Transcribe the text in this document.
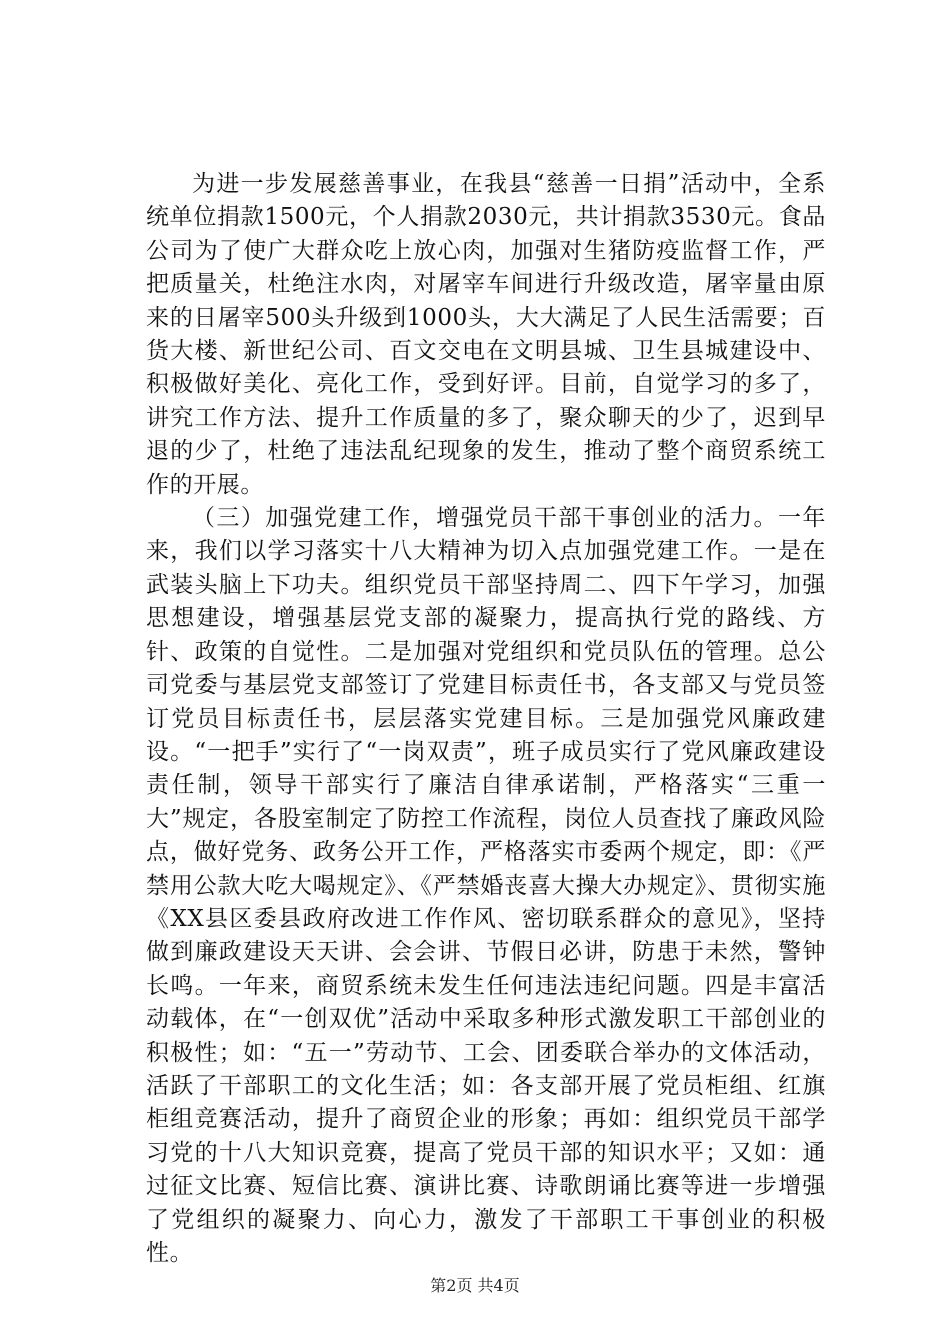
为进一步发展慈善事业，在我县“慈善一日捐”活动中，全系统单位捐款1500元，个人捐款2030元，共计捐款3530元。食品公司为了使广大群众吃上放心肉，加强对生猪防疫监督工作，严把质量关，杜绝注水肉，对屠宰车间进行升级改造，屠宰量由原来的日屠宰500头升级到1000头，大大满足了人民生活需要；百货大楼、新世纪公司、百文交电在文明县城、卫生县城建设中、积极做好美化、亮化工作，受到好评。目前，自觉学习的多了，讲究工作方法、提升工作质量的多了，聚众聊天的少了，迟到早退的少了，杜绝了违法乱纪现象的发生，推动了整个商贸系统工作的开展。

（三）加强党建工作，增强党员干部干事创业的活力。一年来，我们以学习落实十八大精神为切入点加强党建工作。一是在武装头脑上下功夫。组织党员干部坚持周二、四下午学习，加强思想建设，增强基层党支部的凝聚力，提高执行党的路线、方针、政策的自觉性。二是加强对党组织和党员队伍的管理。总公司党委与基层党支部签订了党建目标责任书，各支部又与党员签订党员目标责任书，层层落实党建目标。三是加强党风廉政建设。“一把手”实行了“一岗双责”，班子成员实行了党风廉政建设责任制，领导干部实行了廉洁自律承诺制，严格落实“三重一大”规定，各股室制定了防控工作流程，岗位人员查找了廉政风险点，做好党务、政务公开工作，严格落实市委两个规定，即：《严禁用公款大吃大喝规定》、《严禁婚丧喜大操大办规定》、贯彻实施《XX县区委县政府改进工作作风、密切联系群众的意见》，坚持做到廉政建设天天讲、会会讲、节假日必讲，防患于未然，警钟长鸣。一年来，商贸系统未发生任何违法违纪问题。四是丰富活动载体，在“一创双优”活动中采取多种形式激发职工干部创业的积极性；如：“五一”劳动节、工会、团委联合举办的文体活动，活跃了干部职工的文化生活；如：各支部开展了党员柜组、红旗柜组竞赛活动，提升了商贸企业的形象；再如：组织党员干部学习党的十八大知识竞赛，提高了党员干部的知识水平；又如：通过征文比赛、短信比赛、演讲比赛、诗歌朗诵比赛等进一步增强了党组织的凝聚力、向心力，激发了干部职工干事创业的积极性。

第2页 共4页
